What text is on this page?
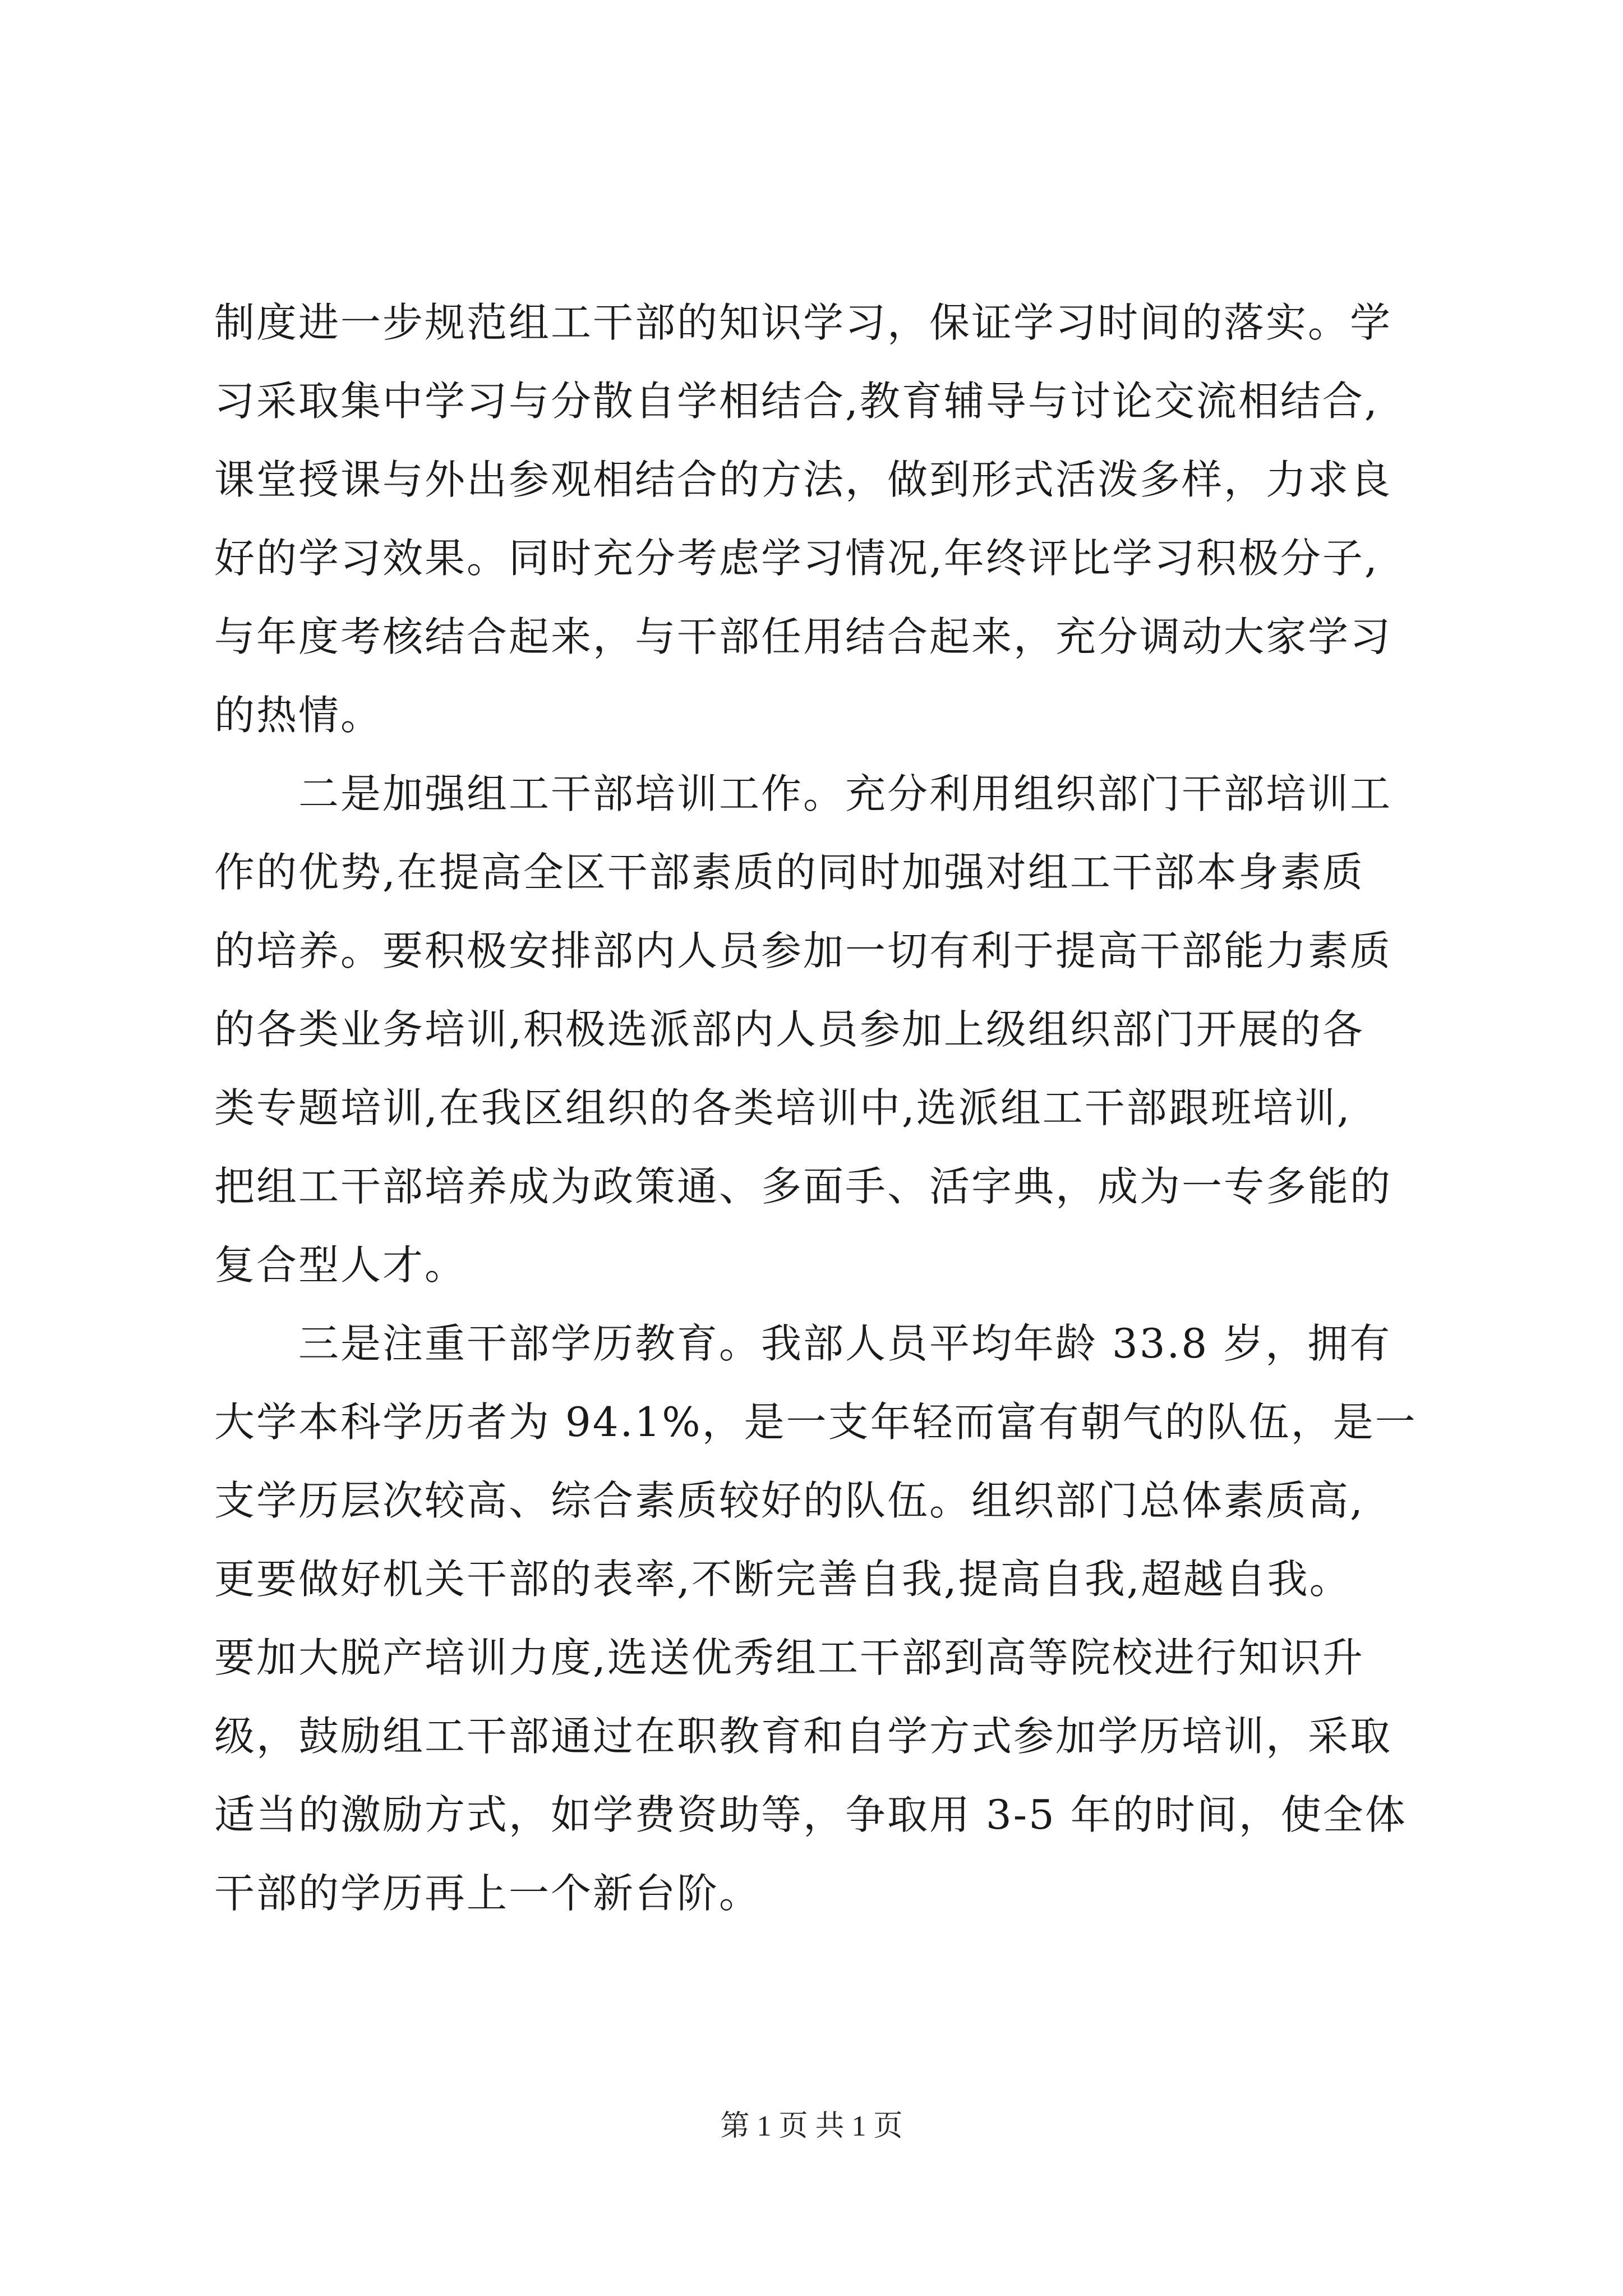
制度进一步规范组工干部的知识学习，保证学习时间的落实。学
习采取集中学习与分散自学相结合,教育辅导与讨论交流相结合,
课堂授课与外出参观相结合的方法，做到形式活泼多样，力求良
好的学习效果。同时充分考虑学习情况,年终评比学习积极分子,
与年度考核结合起来，与干部任用结合起来，充分调动大家学习
的热情。
　　二是加强组工干部培训工作。充分利用组织部门干部培训工
作的优势,在提高全区干部素质的同时加强对组工干部本身素质
的培养。要积极安排部内人员参加一切有利于提高干部能力素质
的各类业务培训,积极选派部内人员参加上级组织部门开展的各
类专题培训,在我区组织的各类培训中,选派组工干部跟班培训,
把组工干部培养成为政策通、多面手、活字典，成为一专多能的
复合型人才。
　　三是注重干部学历教育。我部人员平均年龄 33.8 岁，拥有
大学本科学历者为 94.1%，是一支年轻而富有朝气的队伍，是一
支学历层次较高、综合素质较好的队伍。组织部门总体素质高,
更要做好机关干部的表率,不断完善自我,提高自我,超越自我。
要加大脱产培训力度,选送优秀组工干部到高等院校进行知识升
级，鼓励组工干部通过在职教育和自学方式参加学历培训，采取
适当的激励方式，如学费资助等，争取用 3-5 年的时间，使全体
干部的学历再上一个新台阶。
第 1 页 共 1 页
